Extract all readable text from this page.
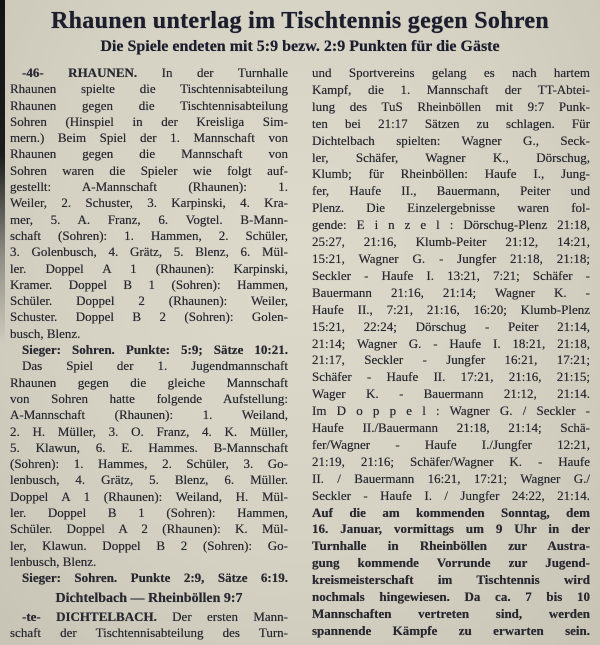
Rhaunen unterlag im Tischtennis gegen Sohren
Die Spiele endeten mit 5:9 bezw. 2:9 Punkten für die Gäste
-46- RHAUNEN. In der Turnhalle
Rhaunen spielte die Tischtennisabteilung
Rhaunen gegen die Tischtennisabteilung
Sohren (Hinspiel in der Kreisliga Sim-
mern.) Beim Spiel der 1. Mannschaft von
Rhaunen gegen die Mannschaft von
Sohren waren die Spieler wie folgt auf-
gestellt: A-Mannschaft (Rhaunen): 1.
Weiler, 2. Schuster, 3. Karpinski, 4. Kra-
mer, 5. A. Franz, 6. Vogtel. B-Mann-
schaft (Sohren): 1. Hammen, 2. Schüler,
3. Golenbusch, 4. Grätz, 5. Blenz, 6. Mül-
ler. Doppel A 1 (Rhaunen): Karpinski,
Kramer. Doppel B 1 (Sohren): Hammen,
Schüler. Doppel 2 (Rhaunen): Weiler,
Schuster. Doppel B 2 (Sohren): Golen-
busch, Blenz.
Sieger: Sohren. Punkte: 5:9; Sätze 10:21.
Das Spiel der 1. Jugendmannschaft
Rhaunen gegen die gleiche Mannschaft
von Sohren hatte folgende Aufstellung:
A-Mannschaft (Rhaunen): 1. Weiland,
2. H. Müller, 3. O. Franz, 4. K. Müller,
5. Klawun, 6. E. Hammes. B-Mannschaft
(Sohren): 1. Hammes, 2. Schüler, 3. Go-
lenbusch, 4. Grätz, 5. Blenz, 6. Müller.
Doppel A 1 (Rhaunen): Weiland, H. Mül-
ler. Doppel B 1 (Sohren): Hammen,
Schüler. Doppel A 2 (Rhaunen): K. Mül-
ler, Klawun. Doppel B 2 (Sohren): Go-
lenbusch, Blenz.
Sieger: Sohren. Punkte 2:9, Sätze 6:19.
Dichtelbach — Rheinböllen 9:7
-te- DICHTELBACH. Der ersten Mann-
schaft der Tischtennisabteilung des Turn-
und Sportvereins gelang es nach hartem
Kampf, die 1. Mannschaft der TT-Abtei-
lung des TuS Rheinböllen mit 9:7 Punk-
ten bei 21:17 Sätzen zu schlagen. Für
Dichtelbach spielten: Wagner G., Seck-
ler, Schäfer, Wagner K., Dörschug,
Klumb; für Rheinböllen: Haufe I., Jung-
fer, Haufe II., Bauermann, Peiter und
Plenz. Die Einzelergebnisse waren fol-
gende: E i n z e l : Dörschug-Plenz 21:18,
25:27, 21:16, Klumb-Peiter 21:12, 14:21,
15:21, Wagner G. - Jungfer 21:18, 21:18;
Seckler - Haufe I. 13:21, 7:21; Schäfer -
Bauermann 21:16, 21:14; Wagner K. -
Haufe II., 7:21, 21:16, 16:20; Klumb-Plenz
15:21, 22:24; Dörschug - Peiter 21:14,
21:14; Wagner G. - Haufe I. 18:21, 21:18,
21:17, Seckler - Jungfer 16:21, 17:21;
Schäfer - Haufe II. 17:21, 21:16, 21:15;
Wager K. - Bauermann 21:12, 21:14.
Im D o p p e l : Wagner G. / Seckler -
Haufe II./Bauermann 21:18, 21:14; Schä-
fer/Wagner - Haufe I./Jungfer 12:21,
21:19, 21:16; Schäfer/Wagner K. - Haufe
II. / Bauermann 16:21, 17:21; Wagner G./
Seckler - Haufe I. / Jungfer 24:22, 21:14.
Auf die am kommenden Sonntag, dem
16. Januar, vormittags um 9 Uhr in der
Turnhalle in Rheinböllen zur Austra-
gung kommende Vorrunde zur Jugend-
kreismeisterschaft im Tischtennis wird
nochmals hingewiesen. Da ca. 7 bis 10
Mannschaften vertreten sind, werden
spannende Kämpfe zu erwarten sein.
